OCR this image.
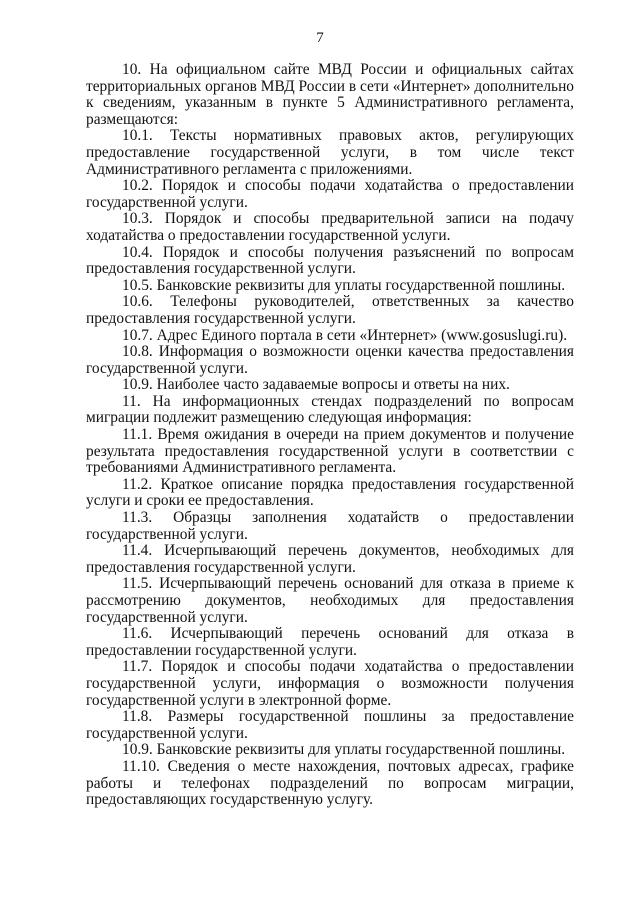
7

10. На официальном сайте МВД России и официальных сайтах территориальных органов МВД России в сети «Интернет» дополнительно к сведениям, указанным в пункте 5 Административного регламента, размещаются:

10.1. Тексты нормативных правовых актов, регулирующих предоставление государственной услуги, в том числе текст Административного регламента с приложениями.

10.2. Порядок и способы подачи ходатайства о предоставлении государственной услуги.

10.3. Порядок и способы предварительной записи на подачу ходатайства о предоставлении государственной услуги.

10.4. Порядок и способы получения разъяснений по вопросам предоставления государственной услуги.

10.5. Банковские реквизиты для уплаты государственной пошлины.

10.6. Телефоны руководителей, ответственных за качество предоставления государственной услуги.

10.7. Адрес Единого портала в сети «Интернет» (www.gosuslugi.ru).

10.8. Информация о возможности оценки качества предоставления государственной услуги.

10.9. Наиболее часто задаваемые вопросы и ответы на них.

11. На информационных стендах подразделений по вопросам миграции подлежит размещению следующая информация:

11.1. Время ожидания в очереди на прием документов и получение результата предоставления государственной услуги в соответствии с требованиями Административного регламента.

11.2. Краткое описание порядка предоставления государственной услуги и сроки ее предоставления.

11.3. Образцы заполнения ходатайств о предоставлении государственной услуги.

11.4. Исчерпывающий перечень документов, необходимых для предоставления государственной услуги.

11.5. Исчерпывающий перечень оснований для отказа в приеме к рассмотрению документов, необходимых для предоставления государственной услуги.

11.6. Исчерпывающий перечень оснований для отказа в предоставлении государственной услуги.

11.7. Порядок и способы подачи ходатайства о предоставлении государственной услуги, информация о возможности получения государственной услуги в электронной форме.

11.8. Размеры государственной пошлины за предоставление государственной услуги.

10.9. Банковские реквизиты для уплаты государственной пошлины.

11.10. Сведения о месте нахождения, почтовых адресах, графике работы и телефонах подразделений по вопросам миграции, предоставляющих государственную услугу.
